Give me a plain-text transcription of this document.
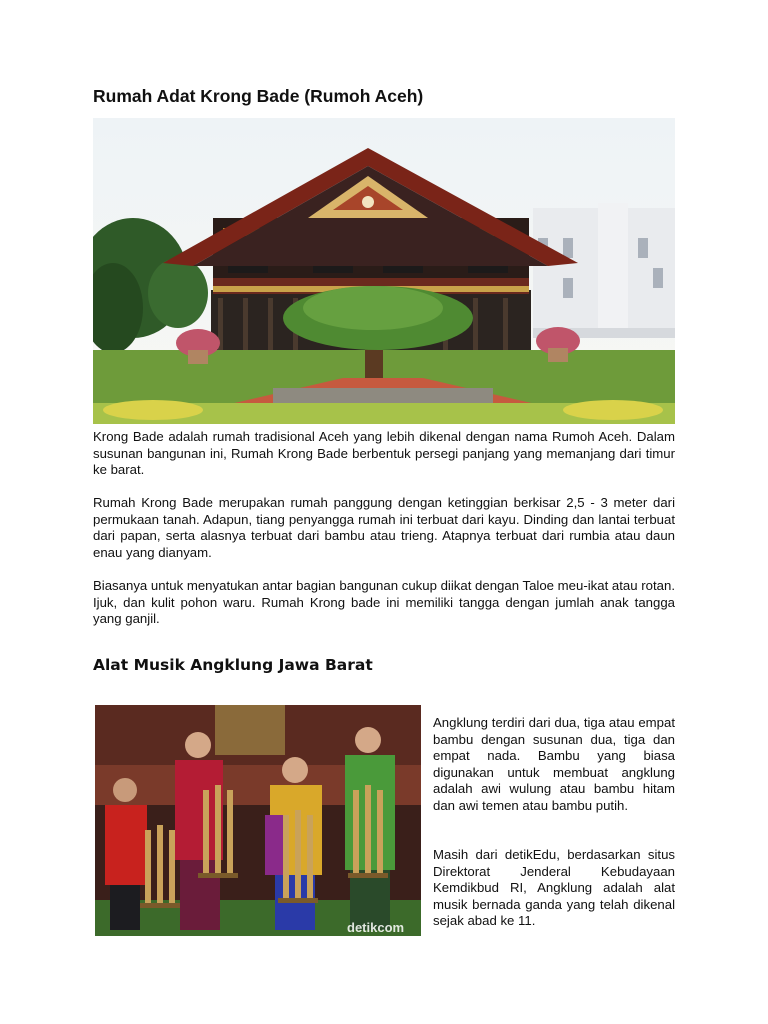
Rumah Adat Krong Bade (Rumoh Aceh)

Krong Bade adalah rumah tradisional Aceh yang lebih dikenal dengan nama Rumoh Aceh. Dalam susunan bangunan ini, Rumah Krong Bade berbentuk persegi panjang yang memanjang dari timur ke barat.

Rumah Krong Bade merupakan rumah panggung dengan ketinggian berkisar 2,5 - 3 meter dari permukaan tanah. Adapun, tiang penyangga rumah ini terbuat dari kayu. Dinding dan lantai terbuat dari papan, serta alasnya terbuat dari bambu atau trieng. Atapnya terbuat dari rumbia atau daun enau yang dianyam.

Biasanya untuk menyatukan antar bagian bangunan cukup diikat dengan Taloe meu-ikat atau rotan. Ijuk, dan kulit pohon waru. Rumah Krong bade ini memiliki tangga dengan jumlah anak tangga yang ganjil.

Alat Musik Angklung Jawa Barat
detikcom

Angklung terdiri dari dua, tiga atau empat bambu dengan susunan dua, tiga dan empat nada. Bambu yang biasa digunakan untuk membuat angklung adalah awi wulung atau bambu hitam dan awi temen atau bambu putih.

Masih dari detikEdu, berdasarkan situs Direktorat Jenderal Kebudayaan Kemdikbud RI, Angklung adalah alat musik bernada ganda yang telah dikenal sejak abad ke 11.
